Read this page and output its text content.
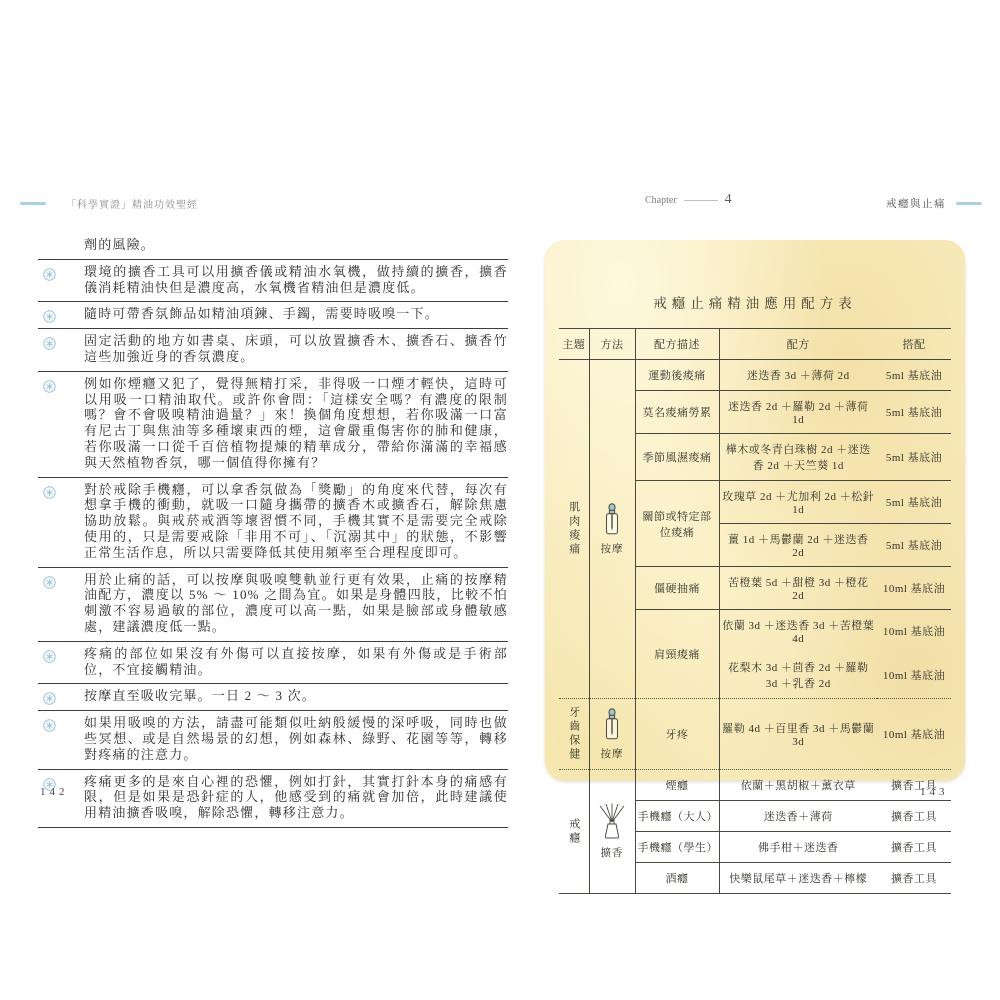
「科學實證」精油功效聖經	Chapter	4	戒癮與止痛
劑的風險。
環境的擴香工具可以用擴香儀或精油水氧機，做持續的擴香，擴香儀消耗精油快但是濃度高，水氧機省精油但是濃度低。
隨時可帶香氛飾品如精油項鍊、手鐲，需要時吸嗅一下。
固定活動的地方如書桌、床頭，可以放置擴香木、擴香石、擴香竹這些加強近身的香氛濃度。
例如你煙癮又犯了，覺得無精打采，非得吸一口煙才輕快，這時可以用吸一口精油取代。或許你會問：「這樣安全嗎？有濃度的限制嗎？會不會吸嗅精油過量？」來！換個角度想想，若你吸滿一口富有尼古丁與焦油等多種壞東西的煙，這會嚴重傷害你的肺和健康，若你吸滿一口從千百倍植物提煉的精華成分，帶給你滿滿的幸福感與天然植物香氛，哪一個值得你擁有？
對於戒除手機癮，可以拿香氛做為「獎勵」的角度來代替，每次有想拿手機的衝動，就吸一口隨身攜帶的擴香木或擴香石，解除焦慮協助放鬆。與戒菸戒酒等壞習慣不同，手機其實不是需要完全戒除使用的，只是需要戒除「非用不可」、「沉溺其中」的狀態，不影響正常生活作息，所以只需要降低其使用頻率至合理程度即可。
用於止痛的話，可以按摩與吸嗅雙軌並行更有效果，止痛的按摩精油配方，濃度以 5% ～ 10% 之間為宜。如果是身體四肢，比較不怕刺激不容易過敏的部位，濃度可以高一點，如果是臉部或身體敏感處，建議濃度低一點。
疼痛的部位如果沒有外傷可以直接按摩，如果有外傷或是手術部位，不宜接觸精油。
按摩直至吸收完畢。一日 2 ～ 3 次。
如果用吸嗅的方法，請盡可能類似吐納般緩慢的深呼吸，同時也做些冥想、或是自然場景的幻想，例如森林、綠野、花園等等，轉移對疼痛的注意力。
疼痛更多的是來自心裡的恐懼，例如打針，其實打針本身的痛感有限，但是如果是恐針症的人，他感受到的痛就會加倍，此時建議使用精油擴香吸嗅，解除恐懼，轉移注意力。
戒癮止痛精油應用配方表
主題	方法	配方描述	配方	搭配

肌肉痠痛	按摩	運動後痠痛	迷迭香 3d ＋薄荷 2d	5ml 基底油
		莫名痠痛勞累	迷迭香 2d ＋羅勒 2d ＋薄荷 1d	5ml 基底油
		季節風濕痠痛	樺木或冬青白珠樹 2d ＋迷迭香 2d ＋天竺葵 1d	5ml 基底油
		關節或特定部位痠痛	玫瑰草 2d ＋尤加利 2d ＋松針 1d	5ml 基底油
			薑 1d ＋馬鬱蘭 2d ＋迷迭香 2d	5ml 基底油
		僵硬抽痛	苦橙葉 5d ＋甜橙 3d ＋橙花 2d	10ml 基底油
		肩頸痠痛	依蘭 3d ＋迷迭香 3d ＋苦橙葉 4d	10ml 基底油
			花梨木 3d ＋茴香 2d ＋羅勒 3d ＋乳香 2d	10ml 基底油

牙齒保健	按摩	牙疼	羅勒 4d ＋百里香 3d ＋馬鬱蘭 3d	10ml 基底油

戒癮	擴香	煙癮	依蘭＋黑胡椒＋薰衣草	擴香工具
		手機癮（大人）	迷迭香＋薄荷	擴香工具
		手機癮（學生）	佛手柑＋迷迭香	擴香工具
		酒癮	快樂鼠尾草＋迷迭香＋檸檬	擴香工具
142	143
